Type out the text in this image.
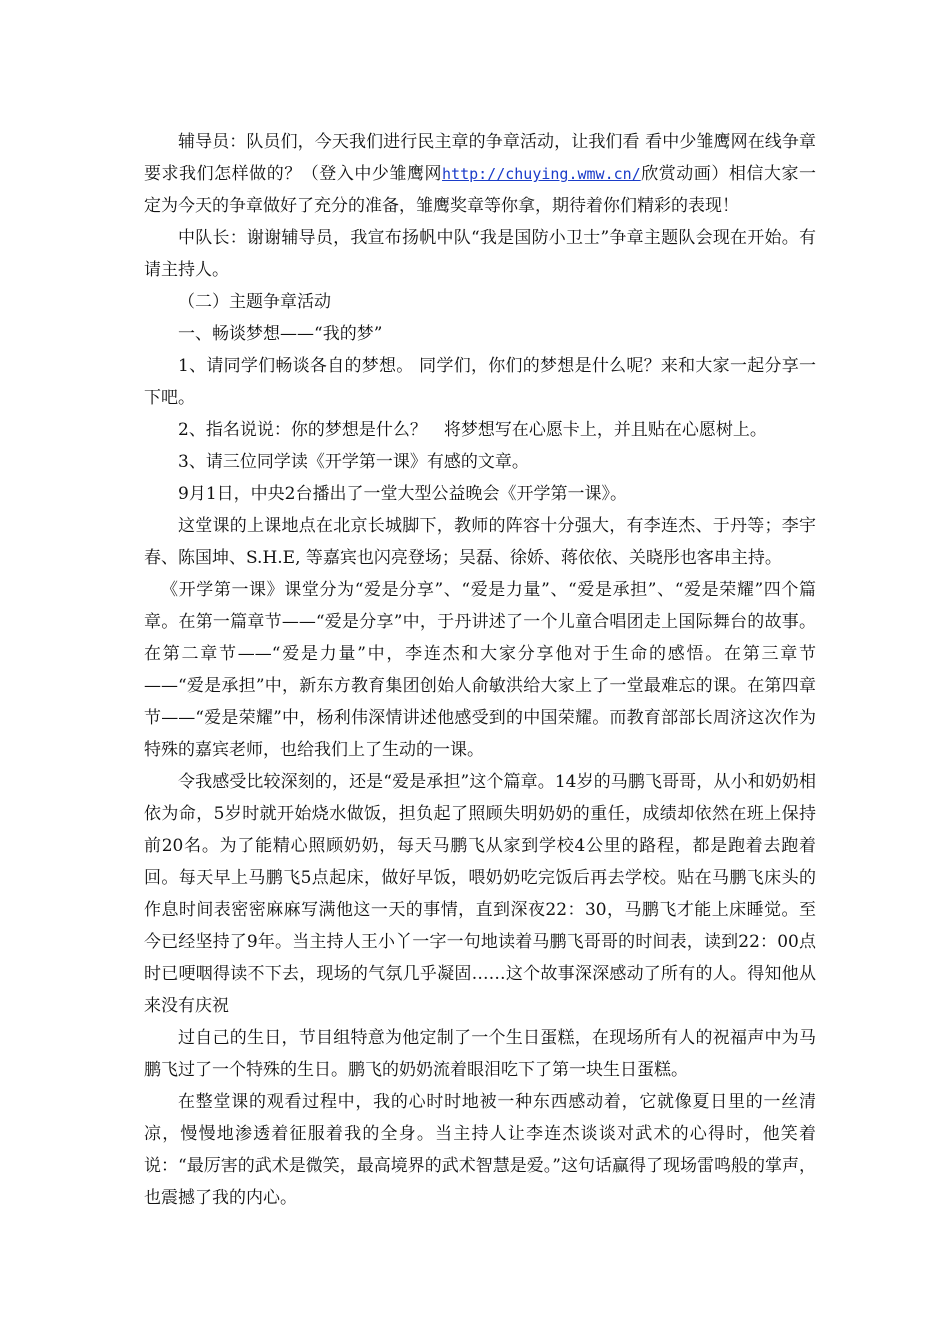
辅导员：队员们，今天我们进行民主章的争章活动，让我们看 看中少雏鹰网在线争章要求我们怎样做的？（登入中少雏鹰网http://chuying.wmw.cn/欣赏动画）相信大家一定为今天的争章做好了充分的准备，雏鹰奖章等你拿，期待着你们精彩的表现！

中队长：谢谢辅导员，我宣布扬帆中队“我是国防小卫士”争章主题队会现在开始。有请主持人。

（二）主题争章活动

一、畅谈梦想——“我的梦”

1、请同学们畅谈各自的梦想。 同学们，你们的梦想是什么呢？来和大家一起分享一下吧。

2、指名说说：你的梦想是什么？　将梦想写在心愿卡上，并且贴在心愿树上。

3、请三位同学读《开学第一课》有感的文章。

9月1日，中央2台播出了一堂大型公益晚会《开学第一课》。

这堂课的上课地点在北京长城脚下，教师的阵容十分强大，有李连杰、于丹等；李宇春、陈国坤、S.H.E, 等嘉宾也闪亮登场；吴磊、徐娇、蒋依依、关晓彤也客串主持。

《开学第一课》课堂分为“爱是分享”、“爱是力量”、“爱是承担”、“爱是荣耀”四个篇章。在第一篇章节——“爱是分享”中，于丹讲述了一个儿童合唱团走上国际舞台的故事。在第二章节——“爱是力量”中，李连杰和大家分享他对于生命的感悟。在第三章节——“爱是承担”中，新东方教育集团创始人俞敏洪给大家上了一堂最难忘的课。在第四章节——“爱是荣耀”中，杨利伟深情讲述他感受到的中国荣耀。而教育部部长周济这次作为特殊的嘉宾老师，也给我们上了生动的一课。

令我感受比较深刻的，还是“爱是承担”这个篇章。14岁的马鹏飞哥哥，从小和奶奶相依为命，5岁时就开始烧水做饭，担负起了照顾失明奶奶的重任，成绩却依然在班上保持前20名。为了能精心照顾奶奶，每天马鹏飞从家到学校4公里的路程，都是跑着去跑着回。每天早上马鹏飞5点起床，做好早饭，喂奶奶吃完饭后再去学校。贴在马鹏飞床头的作息时间表密密麻麻写满他这一天的事情，直到深夜22：30，马鹏飞才能上床睡觉。至今已经坚持了9年。当主持人王小丫一字一句地读着马鹏飞哥哥的时间表，读到22：00点时已哽咽得读不下去，现场的气氛几乎凝固……这个故事深深感动了所有的人。得知他从来没有庆祝

过自己的生日，节目组特意为他定制了一个生日蛋糕，在现场所有人的祝福声中为马鹏飞过了一个特殊的生日。鹏飞的奶奶流着眼泪吃下了第一块生日蛋糕。

在整堂课的观看过程中，我的心时时地被一种东西感动着，它就像夏日里的一丝清凉，慢慢地渗透着征服着我的全身。当主持人让李连杰谈谈对武术的心得时，他笑着说：“最厉害的武术是微笑，最高境界的武术智慧是爱。”这句话赢得了现场雷鸣般的掌声，也震撼了我的内心。
